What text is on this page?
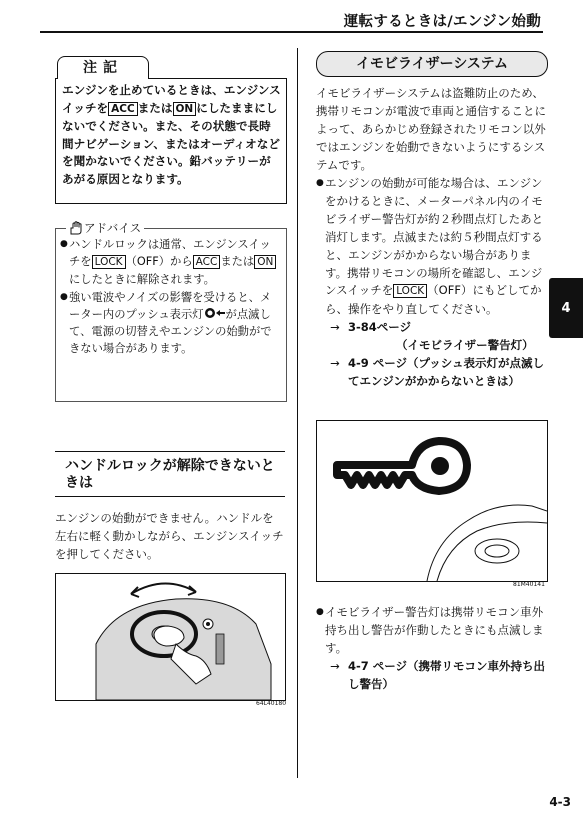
運転するときは/エンジン始動
注記
エンジンを止めているときは、エンジンスイッチを ACC または ON にしたままにしないでください。また、その状態で長時間ナビゲーション、またはオーディオなどを聞かないでください。鉛バッテリーがあがる原因となります。
アドバイス
● ハンドルロックは通常、エンジンスイッチを LOCK （OFF）から ACC または ONにしたときに解除されます。
● 強い電波やノイズの影響を受けると、メーター内のプッシュ表示灯 が点滅して、電源の切替えやエンジンの始動ができない場合があります。
ハンドルロックが解除できないときは
エンジンの始動ができません。ハンドルを左右に軽く動かしながら、エンジンスイッチを押してください。
64L40180
イモビライザーシステム
イモビライザーシステムは盗難防止のため、携帯リモコンが電波で車両と通信することによって、あらかじめ登録されたリモコン以外ではエンジンを始動できないようにするシステムです。
● エンジンの始動が可能な場合は、エンジンをかけるときに、メーターパネル内のイモビライザー警告灯が約２秒間点灯したあと消灯します。点滅または約５秒間点灯すると、エンジンがかからない場合があります。携帯リモコンの場所を確認し、エンジンスイッチを LOCK （OFF）にもどしてから、操作をやり直してください。
→ 3-84ページ
（イモビライザー警告灯）
→ 4-9 ページ（プッシュ表示灯が点滅してエンジンがかからないときは）
81M40141
● イモビライザー警告灯は携帯リモコン車外持ち出し警告が作動したときにも点滅します。
→ 4-7 ページ（携帯リモコン車外持ち出し警告）
4
4-3
